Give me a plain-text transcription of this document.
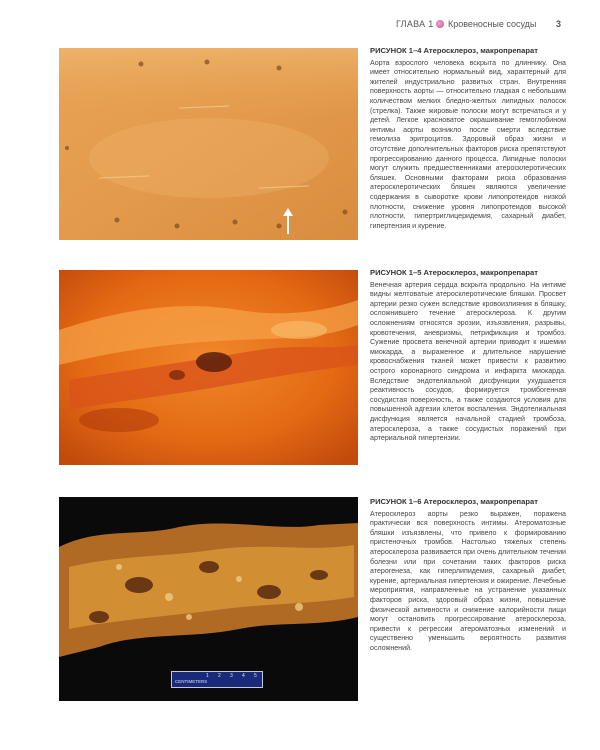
ГЛАВА 1 Кровеносные сосуды 3
CENTIMETERS
1 2 3 4 5
РИСУНОК 1–4 Атеросклероз, макропрепарат

Аорта взрослого человека вскрыта по длиннику. Она имеет относительно нормальный вид, характерный для жителей индустриально развитых стран. Внутренняя поверхность аорты — относительно гладкая с небольшим количеством мелких бледно-желтых липидных полосок (стрелка). Также жировые полоски могут встречаться и у детей. Легкое красноватое окрашивание гемоглобином интимы аорты возникло после смерти вследствие гемолиза эритроцитов. Здоровый образ жизни и отсутствие дополнительных факторов риска препятствуют прогрессированию данного процесса. Липидные полоски могут служить предшественниками атеросклеротических бляшек. Основными факторами риска образования атеросклеротических бляшек являются увеличение содержания в сыворотке крови липопротеидов низкой плотности, снижение уровня липопротеидов высокой плотности, гипертриглицеридемия, сахарный диабет, гипертензия и курение.

РИСУНОК 1–5 Атеросклероз, макропрепарат

Венечная артерия сердца вскрыта продольно. На интиме видны желтоватые атеросклеротические бляшки. Просвет артерии резко сужен вследствие кровоизлияния в бляшку, осложнившего течение атеросклероза. К другим осложнениям относятся эрозии, изъязвления, разрывы, кровотечения, аневризмы, петрификация и тромбоз. Сужение просвета венечной артерии приводит к ишемии миокарда, а выраженное и длительное нарушение кровоснабжения тканей может привести к развитию острого коронарного синдрома и инфаркта миокарда. Вследствие эндотелиальной дисфункции ухудшается реактивность сосудов, формируется тромбогенная сосудистая поверхность, а также создаются условия для повышенной адгезии клеток воспаления. Эндотелиальная дисфункция является начальной стадией тромбоза, атеросклероза, а также сосудистых поражений при артериальной гипертензии.

РИСУНОК 1–6 Атеросклероз, макропрепарат

Атеросклероз аорты резко выражен, поражена практически вся поверхность интимы. Атероматозные бляшки изъязвлены, что привело к формированию пристеночных тромбов. Настолько тяжелых степень атеросклероза развивается при очень длительном течении болезни или при сочетании таких факторов риска атерогенеза, как гиперлипидемия, сахарный диабет, курение, артериальная гипертензия и ожирение. Лечебные мероприятия, направленные на устранение указанных факторов риска, здоровый образ жизни, повышение физической активности и снижение калорийности пищи могут остановить прогрессирование атеросклероза, привести к регрессии атероматозных изменений и существенно уменьшить вероятность развития осложнений.
